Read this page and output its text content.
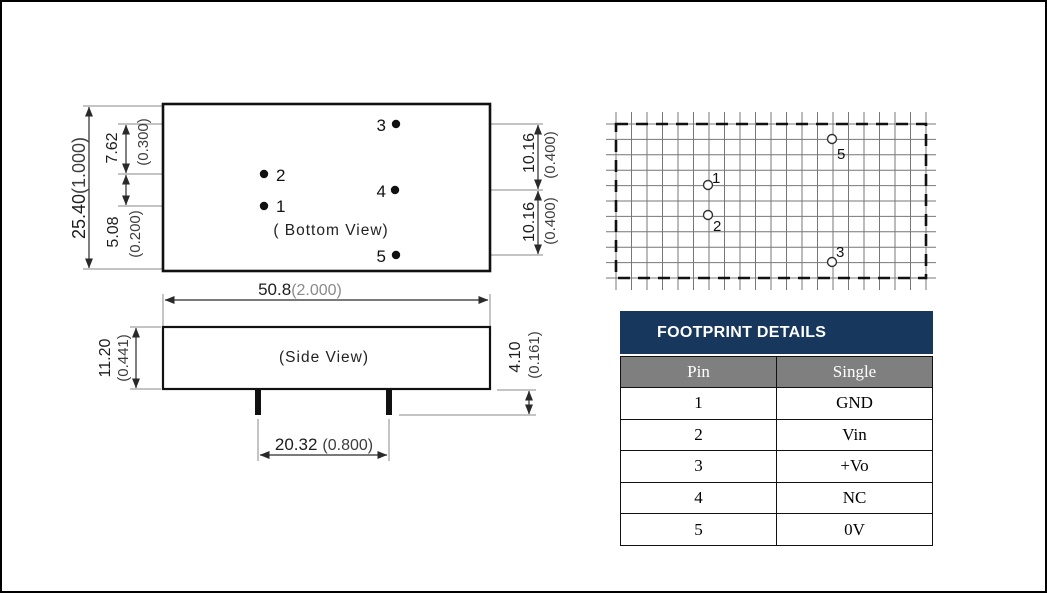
3
4
5
2
1
( Bottom View)
25.40(1.000) 7.62 (0.300)
5.08 (0.200)
10.16 (0.400)
10.16 (0.400)
(Side View)
50.8(2.000)
11.20 (0.441)	4.10 (0.161)
20.32 (0.800)
1
2
5
3
FOOTPRINT DETAILS
Pin	Single
1	GND
2	Vin
3	+Vo
4	NC
5	0V
